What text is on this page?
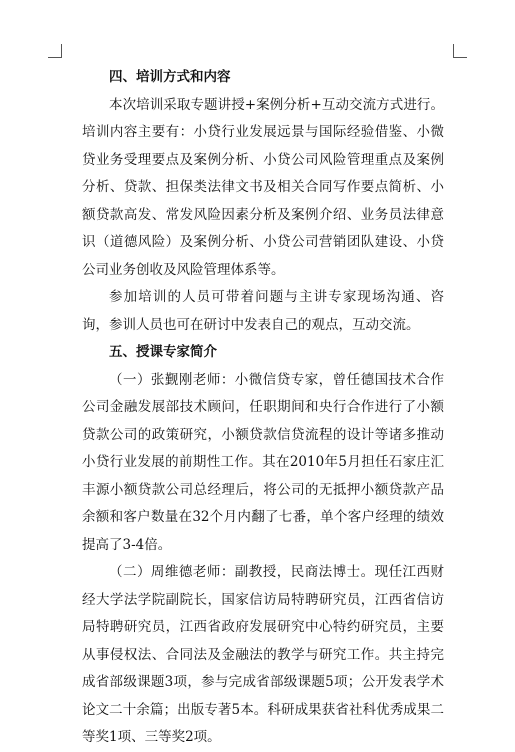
四、培训方式和内容

本次培训采取专题讲授+案例分析+互动交流方式进行。培训内容主要有：小贷行业发展远景与国际经验借鉴、小微贷业务受理要点及案例分析、小贷公司风险管理重点及案例分析、贷款、担保类法律文书及相关合同写作要点简析、小额贷款高发、常发风险因素分析及案例介绍、业务员法律意识（道德风险）及案例分析、小贷公司营销团队建设、小贷公司业务创收及风险管理体系等。

参加培训的人员可带着问题与主讲专家现场沟通、咨询，参训人员也可在研讨中发表自己的观点，互动交流。

五、授课专家简介

（一）张觐刚老师：小微信贷专家，曾任德国技术合作公司金融发展部技术顾问，任职期间和央行合作进行了小额贷款公司的政策研究，小额贷款信贷流程的设计等诸多推动小贷行业发展的前期性工作。其在2010年5月担任石家庄汇丰源小额贷款公司总经理后，将公司的无抵押小额贷款产品余额和客户数量在32个月内翻了七番，单个客户经理的绩效提高了3-4倍。

（二）周维德老师：副教授，民商法博士。现任江西财经大学法学院副院长，国家信访局特聘研究员，江西省信访局特聘研究员，江西省政府发展研究中心特约研究员，主要从事侵权法、合同法及金融法的教学与研究工作。共主持完成省部级课题3项，参与完成省部级课题5项；公开发表学术论文二十余篇；出版专著5本。科研成果获省社科优秀成果二等奖1项、三等奖2项。
